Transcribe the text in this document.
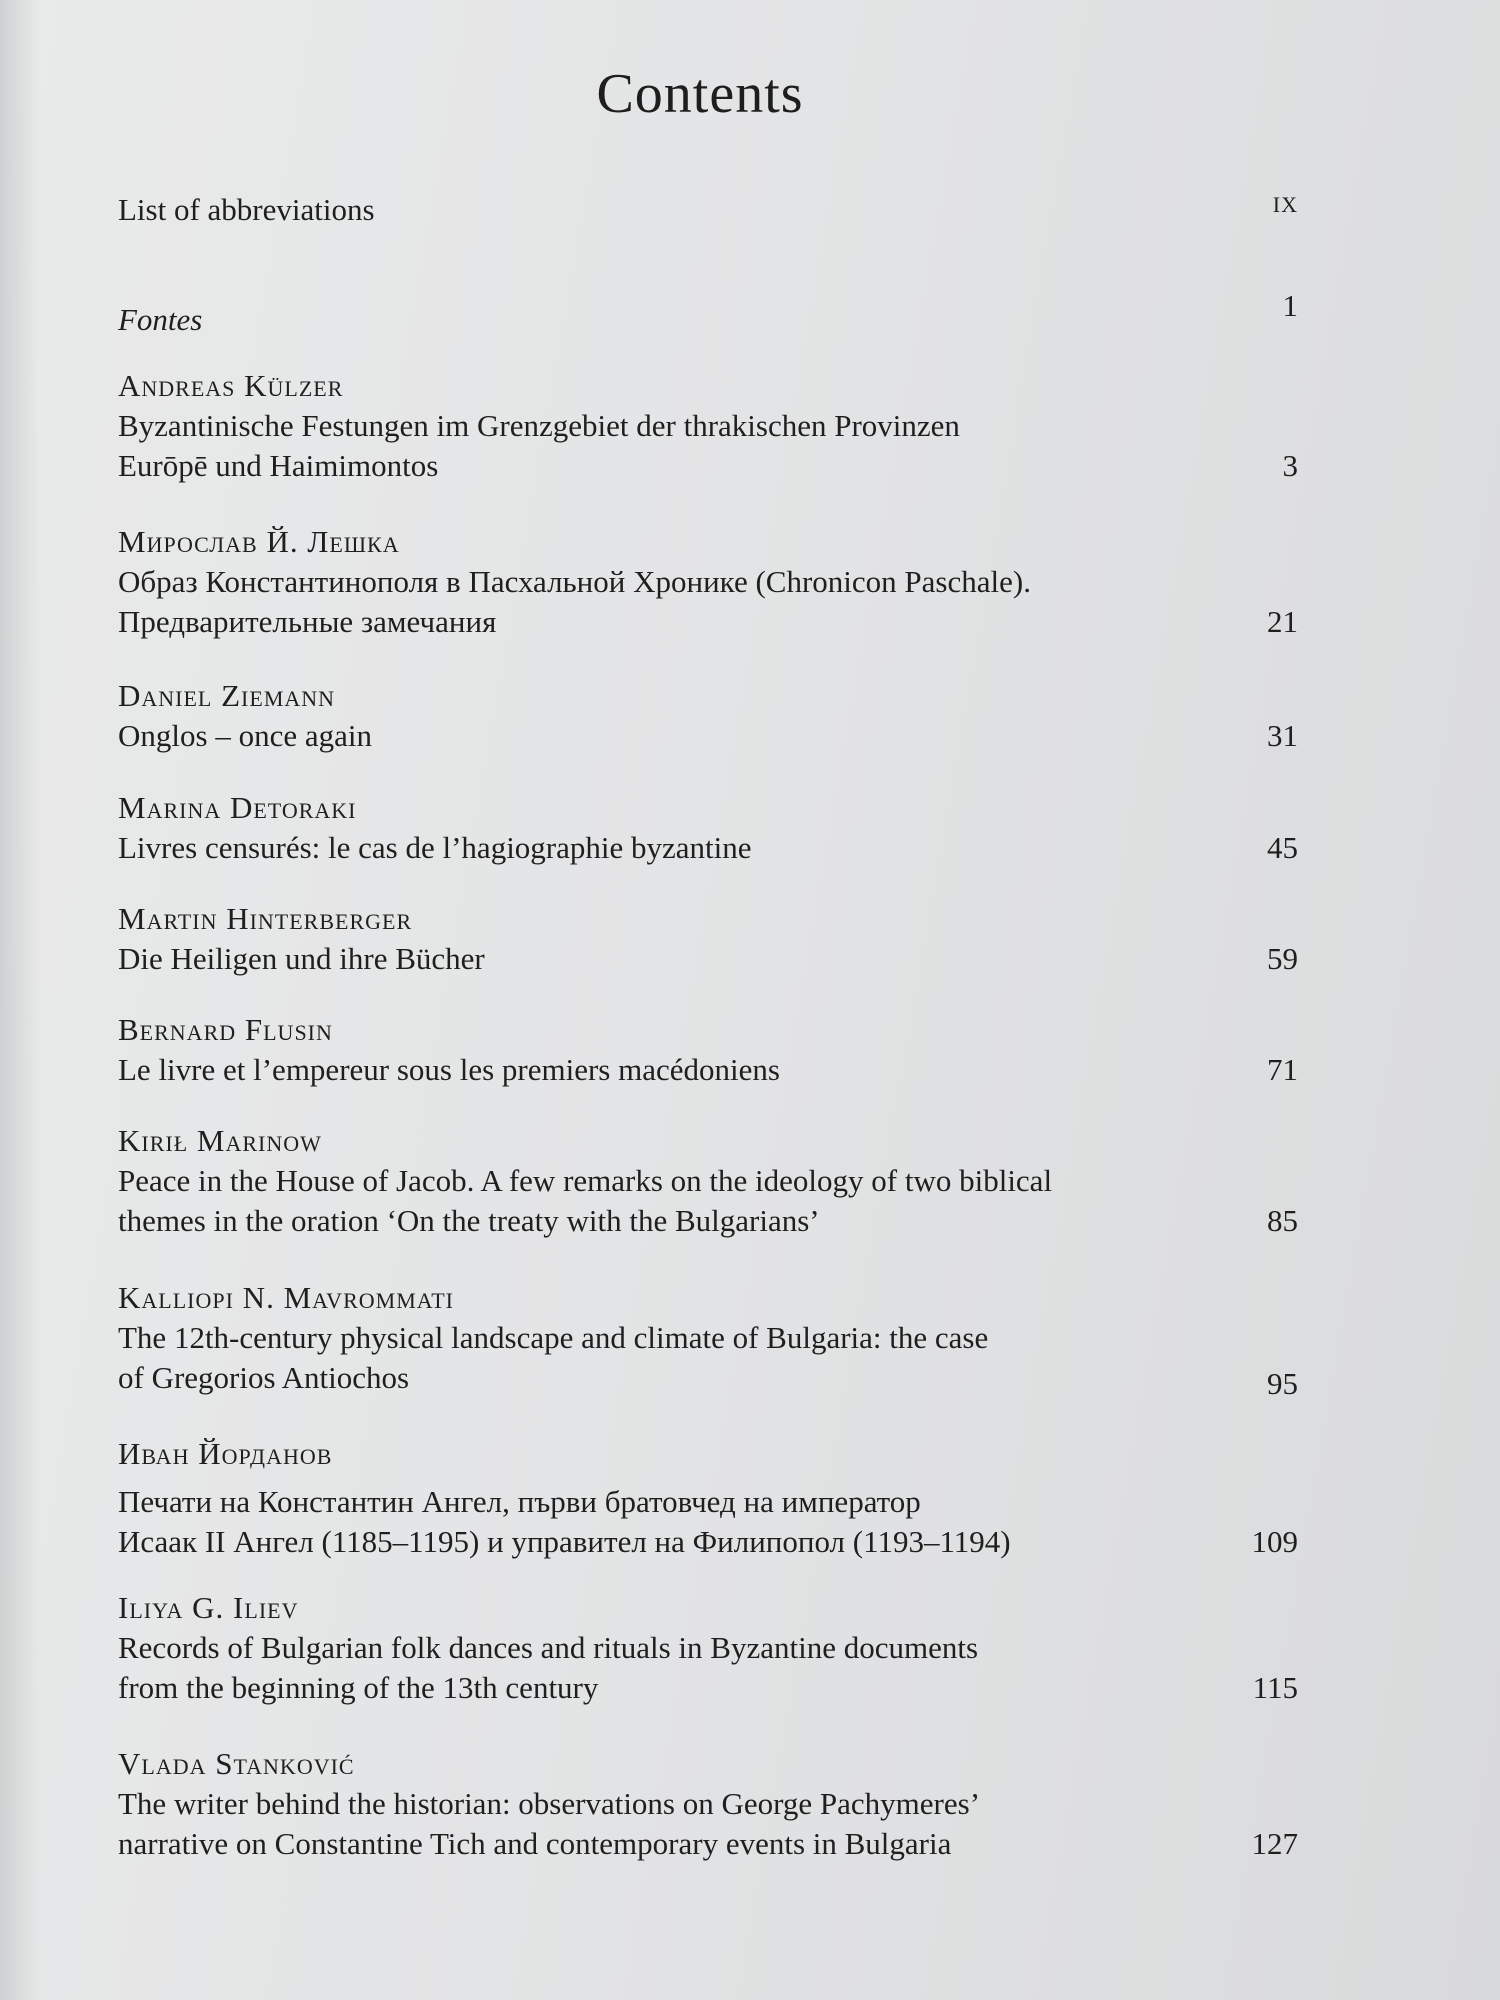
Contents
List of abbreviations	ix
Fontes	1
Andreas Külzer
Byzantinische Festungen im Grenzgebiet der thrakischen Provinzen
Eurōpē und Haimimontos	3
Мирослав Й. Лешка
Образ Константинополя в Пасхальной Хронике (Chronicon Paschale).
Предварительные замечания	21
Daniel Ziemann
Onglos – once again	31
Marina Detoraki
Livres censurés: le cas de l’hagiographie byzantine	45
Martin Hinterberger
Die Heiligen und ihre Bücher	59
Bernard Flusin
Le livre et l’empereur sous les premiers macédoniens	71
Kirił Marinow
Peace in the House of Jacob. A few remarks on the ideology of two biblical
themes in the oration ‘On the treaty with the Bulgarians’	85
Kalliopi N. Mavrommati
The 12th-century physical landscape and climate of Bulgaria: the case
of Gregorios Antiochos	95
Иван Йорданов
Печати на Константин Ангел, първи братовчед на император
Исаак II Ангел (1185–1195) и управител на Филипопол (1193–1194)	109
Iliya G. Iliev
Records of Bulgarian folk dances and rituals in Byzantine documents
from the beginning of the 13th century	115
Vlada Stanković
The writer behind the historian: observations on George Pachymeres’
narrative on Constantine Tich and contemporary events in Bulgaria	127
